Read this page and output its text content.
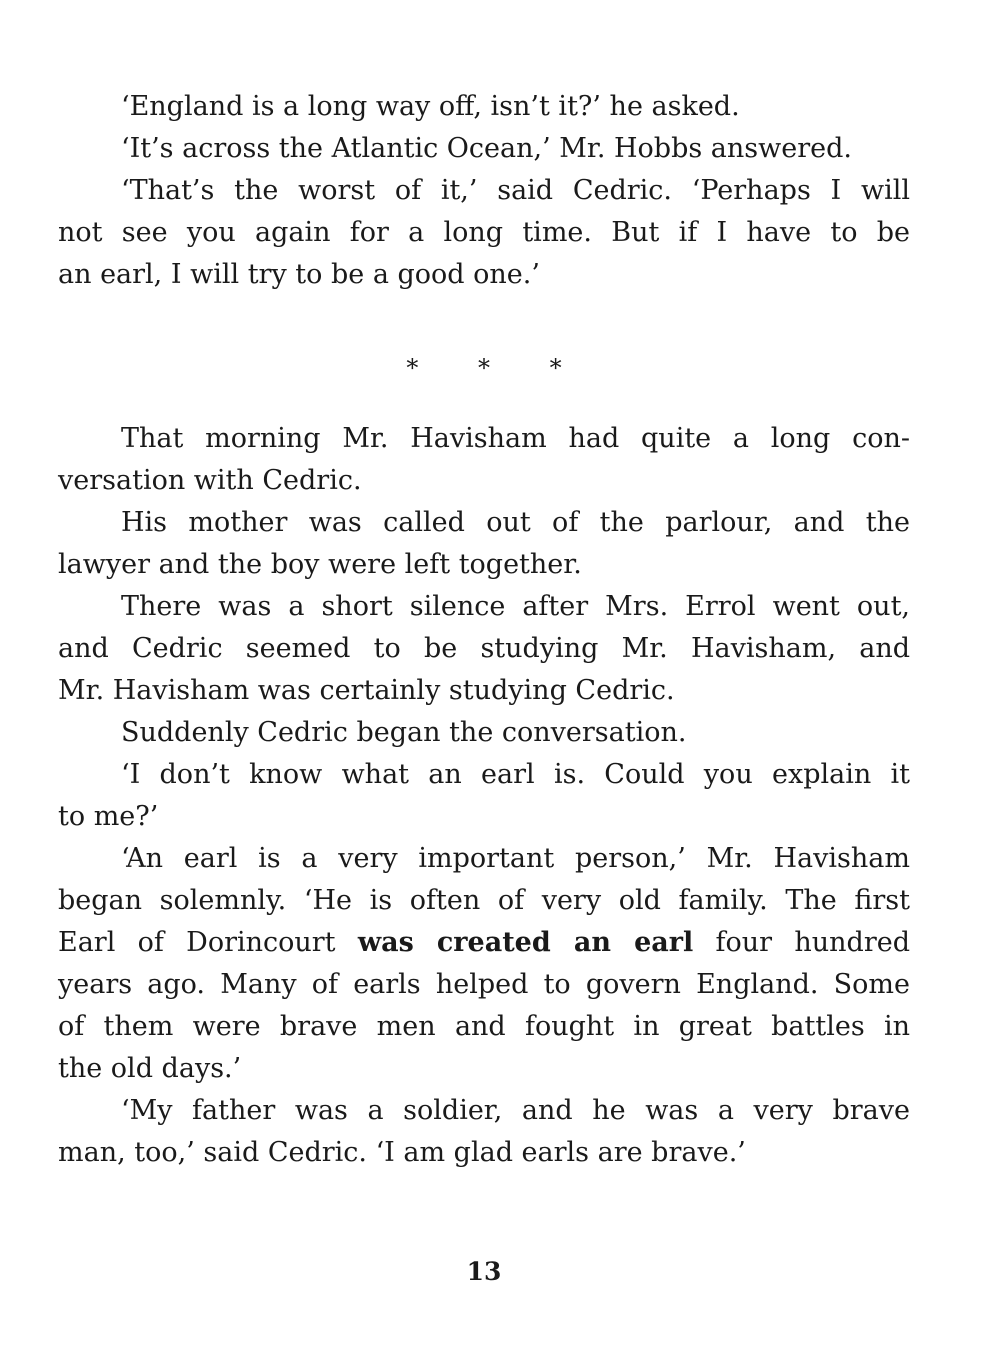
‘England is a long way off, isn’t it?’ he asked.
‘It’s across the Atlantic Ocean,’ Mr. Hobbs answered.
‘That’s the worst of it,’ said Cedric. ‘Perhaps I will
not see you again for a long time. But if I have to be
an earl, I will try to be a good one.’
* * *
That morning Mr. Havisham had quite a long con-
versation with Cedric.
His mother was called out of the parlour, and the
lawyer and the boy were left together.
There was a short silence after Mrs. Errol went out,
and Cedric seemed to be studying Mr. Havisham, and
Mr. Havisham was certainly studying Cedric.
Suddenly Cedric began the conversation.
‘I don’t know what an earl is. Could you explain it
to me?’
‘An earl is a very important person,’ Mr. Havisham
began solemnly. ‘He is often of very old family. The first
Earl of Dorincourt was created an earl four hundred
years ago. Many of earls helped to govern England. Some
of them were brave men and fought in great battles in
the old days.’
‘My father was a soldier, and he was a very brave
man, too,’ said Cedric. ‘I am glad earls are brave.’
13
